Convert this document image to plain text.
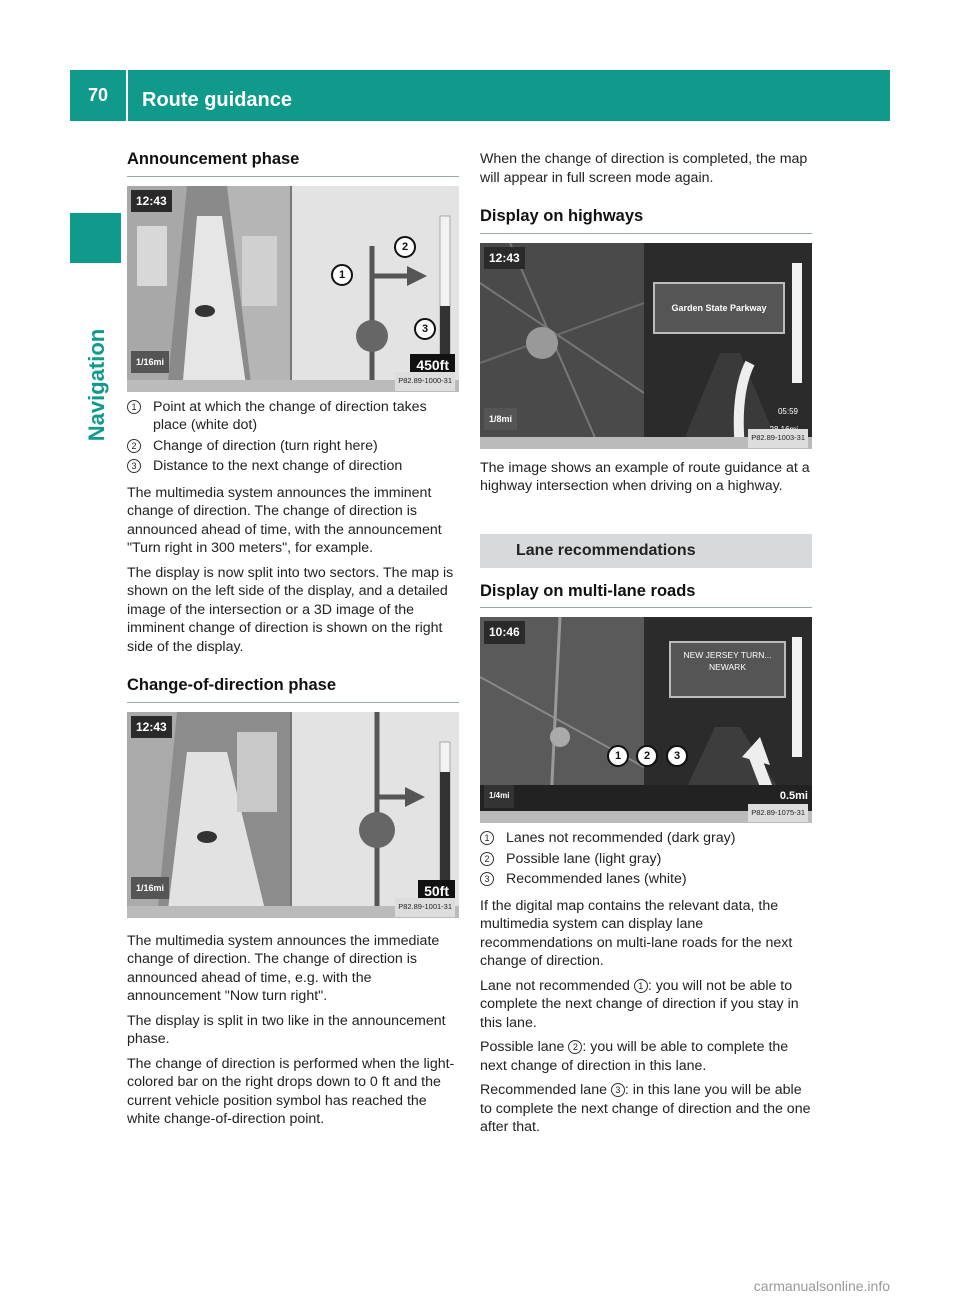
70	Route guidance
Navigation
Announcement phase
12:43
1
2
3
1/16mi	450ft
P82.89-1000-31
1	Point at which the change of direction takes place (white dot)
2	Change of direction (turn right here)
3	Distance to the next change of direction

The multimedia system announces the imminent change of direction. The change of direction is announced ahead of time, with the announcement "Turn right in 300 meters", for example.

The display is now split into two sectors. The map is shown on the left side of the display, and a detailed image of the intersection or a 3D image of the imminent change of direction is shown on the right side of the display.

Change-of-direction phase
12:43
1/16mi	50ft
P82.89-1001-31

The multimedia system announces the immediate change of direction. The change of direction is announced ahead of time, e.g. with the announcement "Now turn right".

The display is split in two like in the announcement phase.

The change of direction is performed when the light-colored bar on the right drops down to 0 ft and the current vehicle position symbol has reached the white change-of-direction point.

When the change of direction is completed, the map will appear in full screen mode again.

Display on highways
12:43
Garden State Parkway
1/8mi
05:59
P82.89-1003-31

The image shows an example of route guidance at a highway intersection when driving on a highway.

Lane recommendations
Display on multi-lane roads
10:46
NEW JERSEY TURN...
NEWARK
1	2	3
1/4mi	0.5mi
P82.89-1075-31
1	Lanes not recommended (dark gray)
2	Possible lane (light gray)
3	Recommended lanes (white)

If the digital map contains the relevant data, the multimedia system can display lane recommendations on multi-lane roads for the next change of direction.

Lane not recommended 1 : you will not be able to complete the next change of direction if you stay in this lane.

Possible lane 2 : you will be able to complete the next change of direction in this lane.

Recommended lane 3 : in this lane you will be able to complete the next change of direction and the one after that.

carmanualsonline.info
